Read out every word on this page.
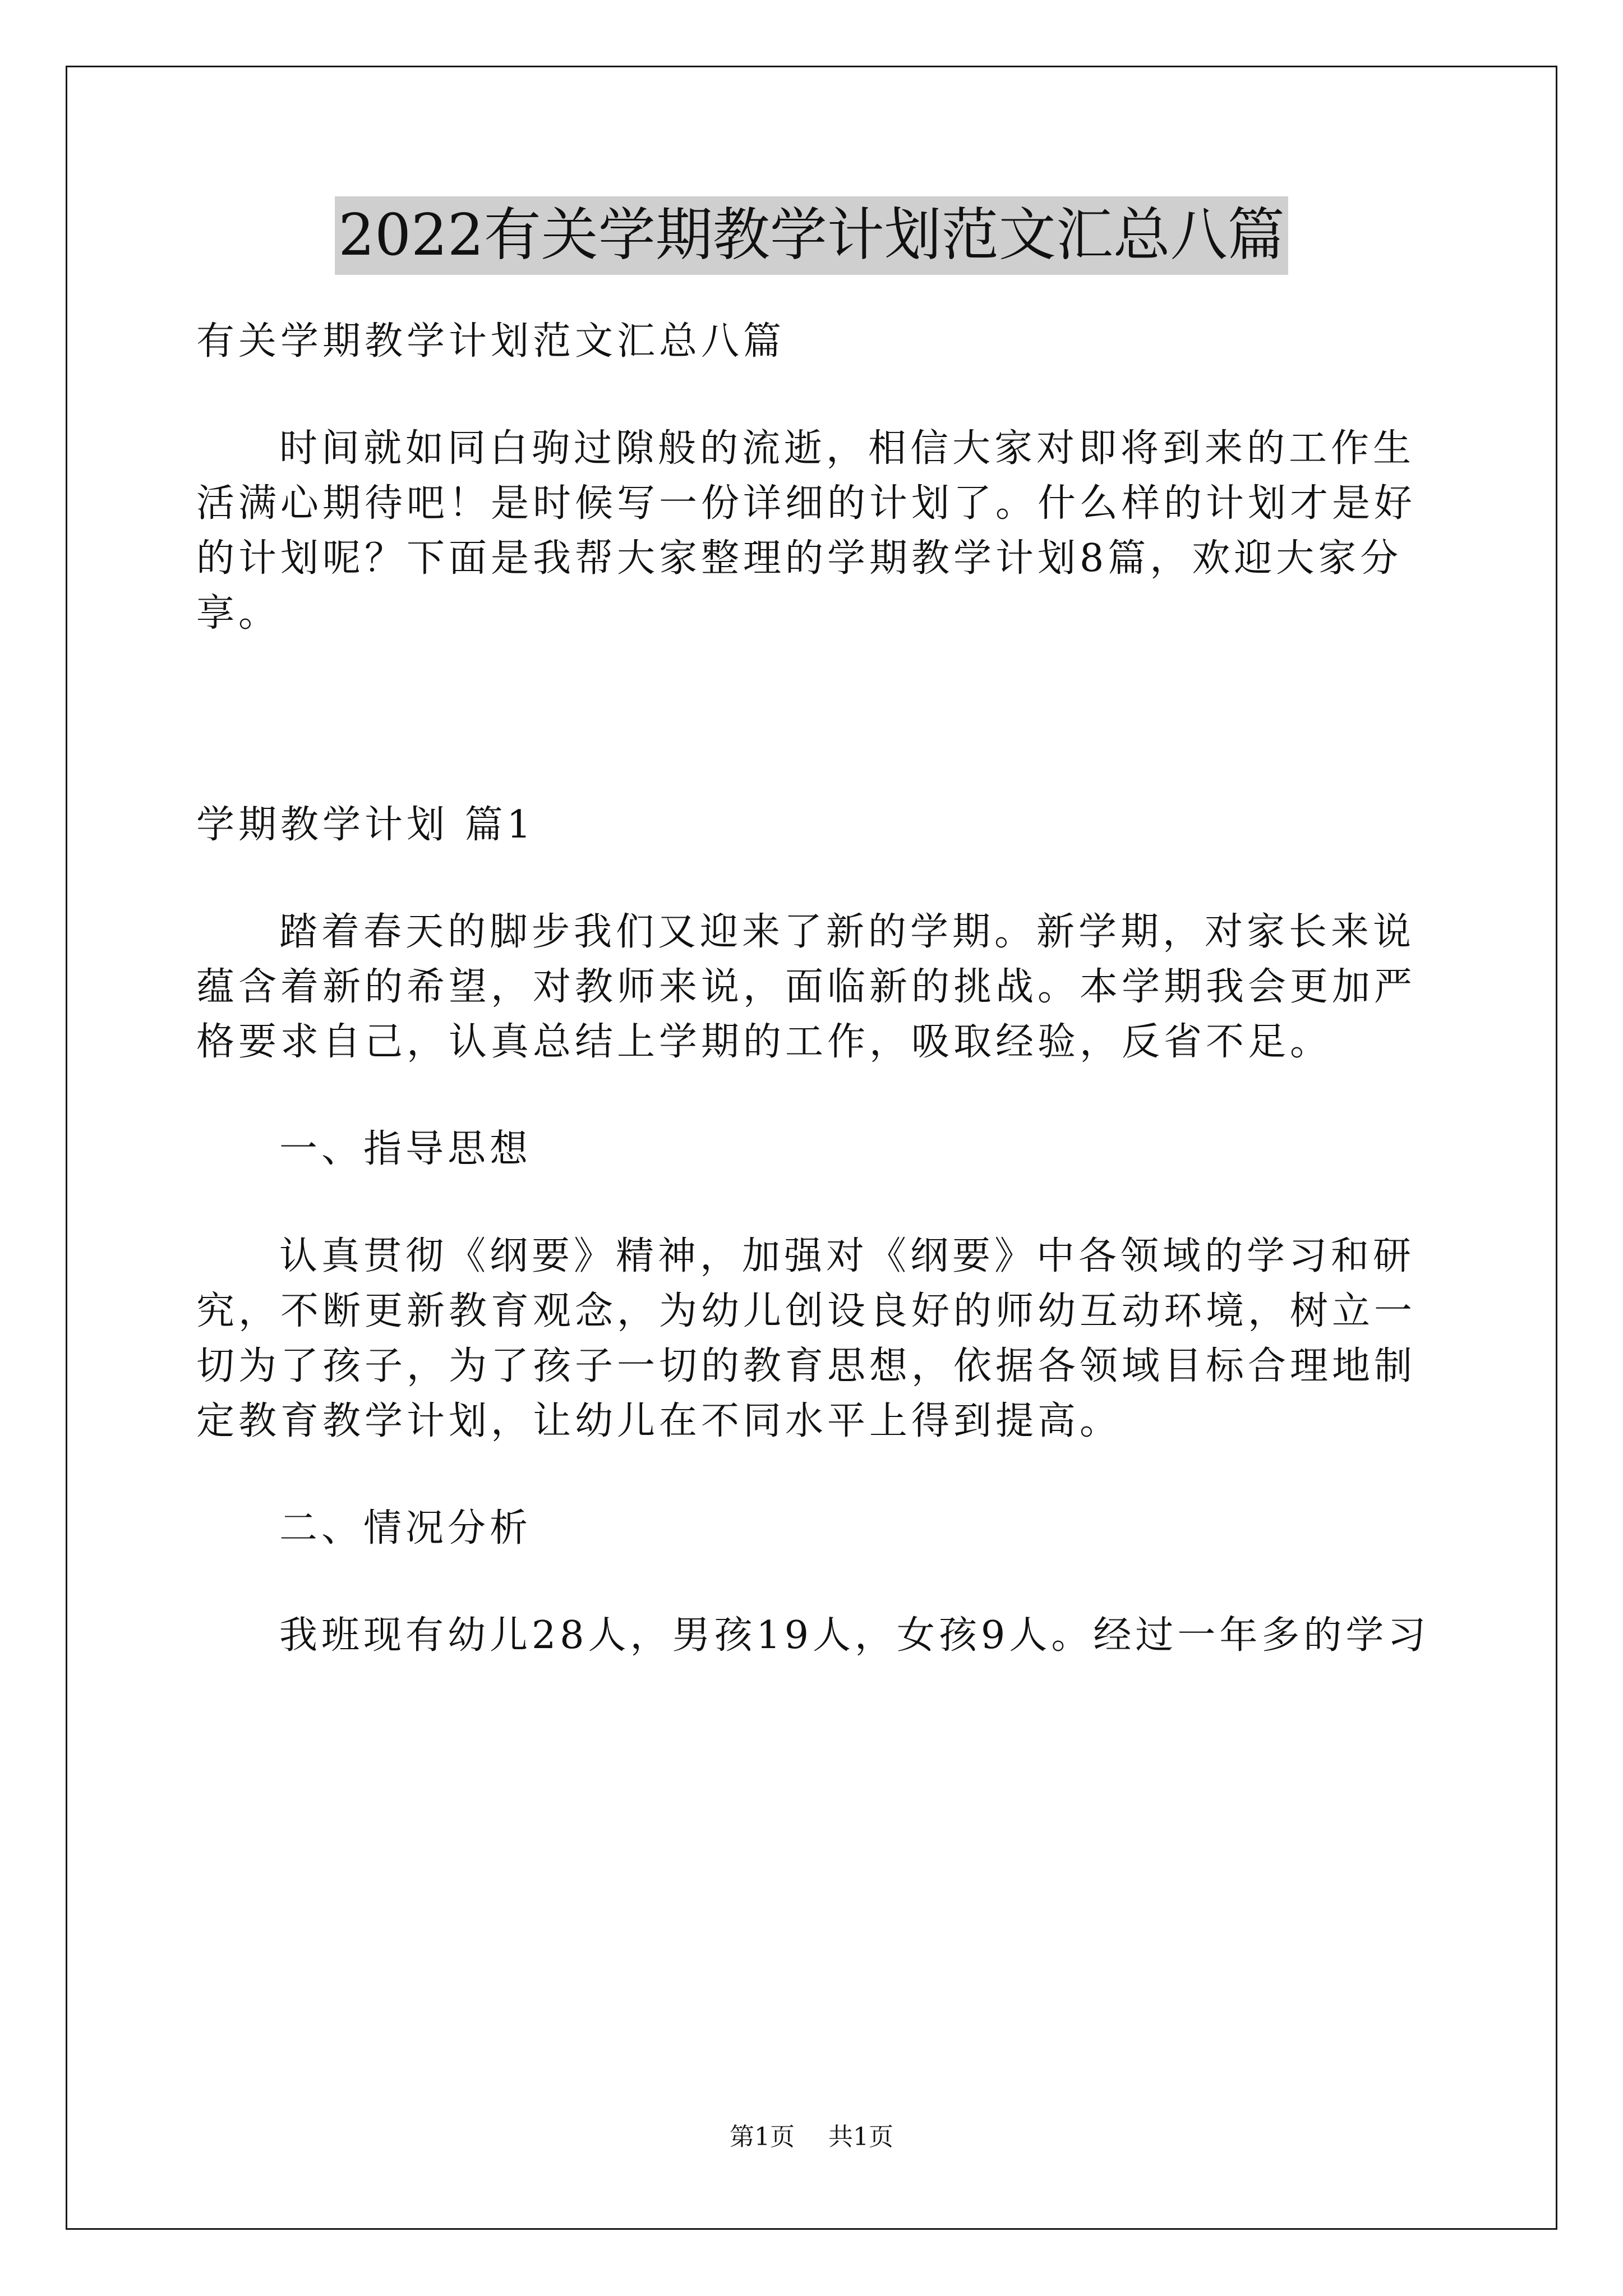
2022有关学期教学计划范文汇总八篇

有关学期教学计划范文汇总八篇

时间就如同白驹过隙般的流逝，相信大家对即将到来的工作生活满心期待吧！是时候写一份详细的计划了。什么样的计划才是好的计划呢？下面是我帮大家整理的学期教学计划8篇，欢迎大家分享。

学期教学计划 篇1

踏着春天的脚步我们又迎来了新的学期。新学期，对家长来说蕴含着新的希望，对教师来说，面临新的挑战。本学期我会更加严格要求自己，认真总结上学期的工作，吸取经验，反省不足。

一、指导思想

认真贯彻《纲要》精神，加强对《纲要》中各领域的学习和研究，不断更新教育观念，为幼儿创设良好的师幼互动环境，树立一切为了孩子，为了孩子一切的教育思想，依据各领域目标合理地制定教育教学计划，让幼儿在不同水平上得到提高。

二、情况分析

我班现有幼儿28人，男孩19人，女孩9人。经过一年多的学习

第1页 共1页
